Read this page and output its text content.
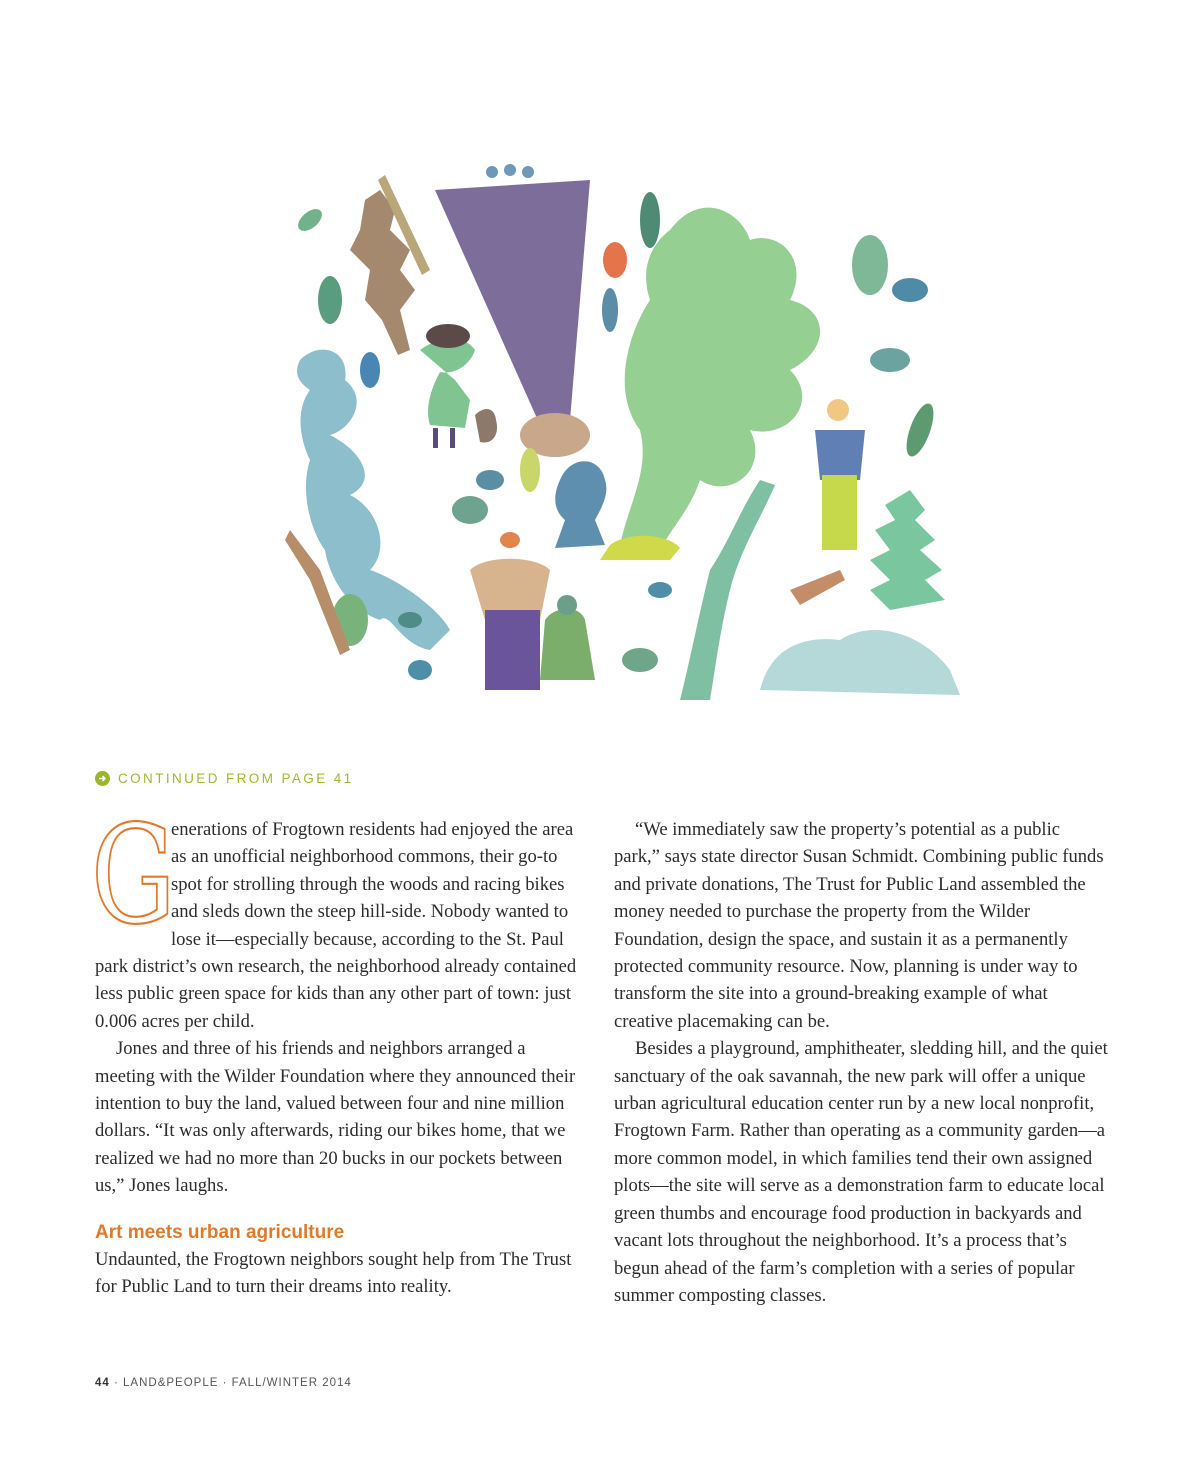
CONTINUED FROM PAGE 41

G
enerations of Frogtown residents had enjoyed the area as an unofficial neighborhood commons, their go-to spot for strolling through the woods and racing bikes and sleds down the steep hill-side. Nobody wanted to lose it—especially because, according to the St. Paul park district’s own research, the neighborhood already contained less public green space for kids than any other part of town: just 0.006 acres per child.

Jones and three of his friends and neighbors arranged a meeting with the Wilder Foundation where they announced their intention to buy the land, valued between four and nine million dollars. “It was only afterwards, riding our bikes home, that we realized we had no more than 20 bucks in our pockets between us,” Jones laughs.

Art meets urban agriculture

Undaunted, the Frogtown neighbors sought help from The Trust for Public Land to turn their dreams into reality.

“We immediately saw the property’s potential as a public park,” says state director Susan Schmidt. Combining public funds and private donations, The Trust for Public Land assembled the money needed to purchase the property from the Wilder Foundation, design the space, and sustain it as a permanently protected community resource. Now, planning is under way to transform the site into a ground-breaking example of what creative placemaking can be.

Besides a playground, amphitheater, sledding hill, and the quiet sanctuary of the oak savannah, the new park will offer a unique urban agricultural education center run by a new local nonprofit, Frogtown Farm. Rather than operating as a community garden—a more common model, in which families tend their own assigned plots—the site will serve as a demonstration farm to educate local green thumbs and encourage food production in backyards and vacant lots throughout the neighborhood. It’s a process that’s begun ahead of the farm’s completion with a series of popular summer composting classes.

44 · LAND&PEOPLE · FALL/WINTER 2014
